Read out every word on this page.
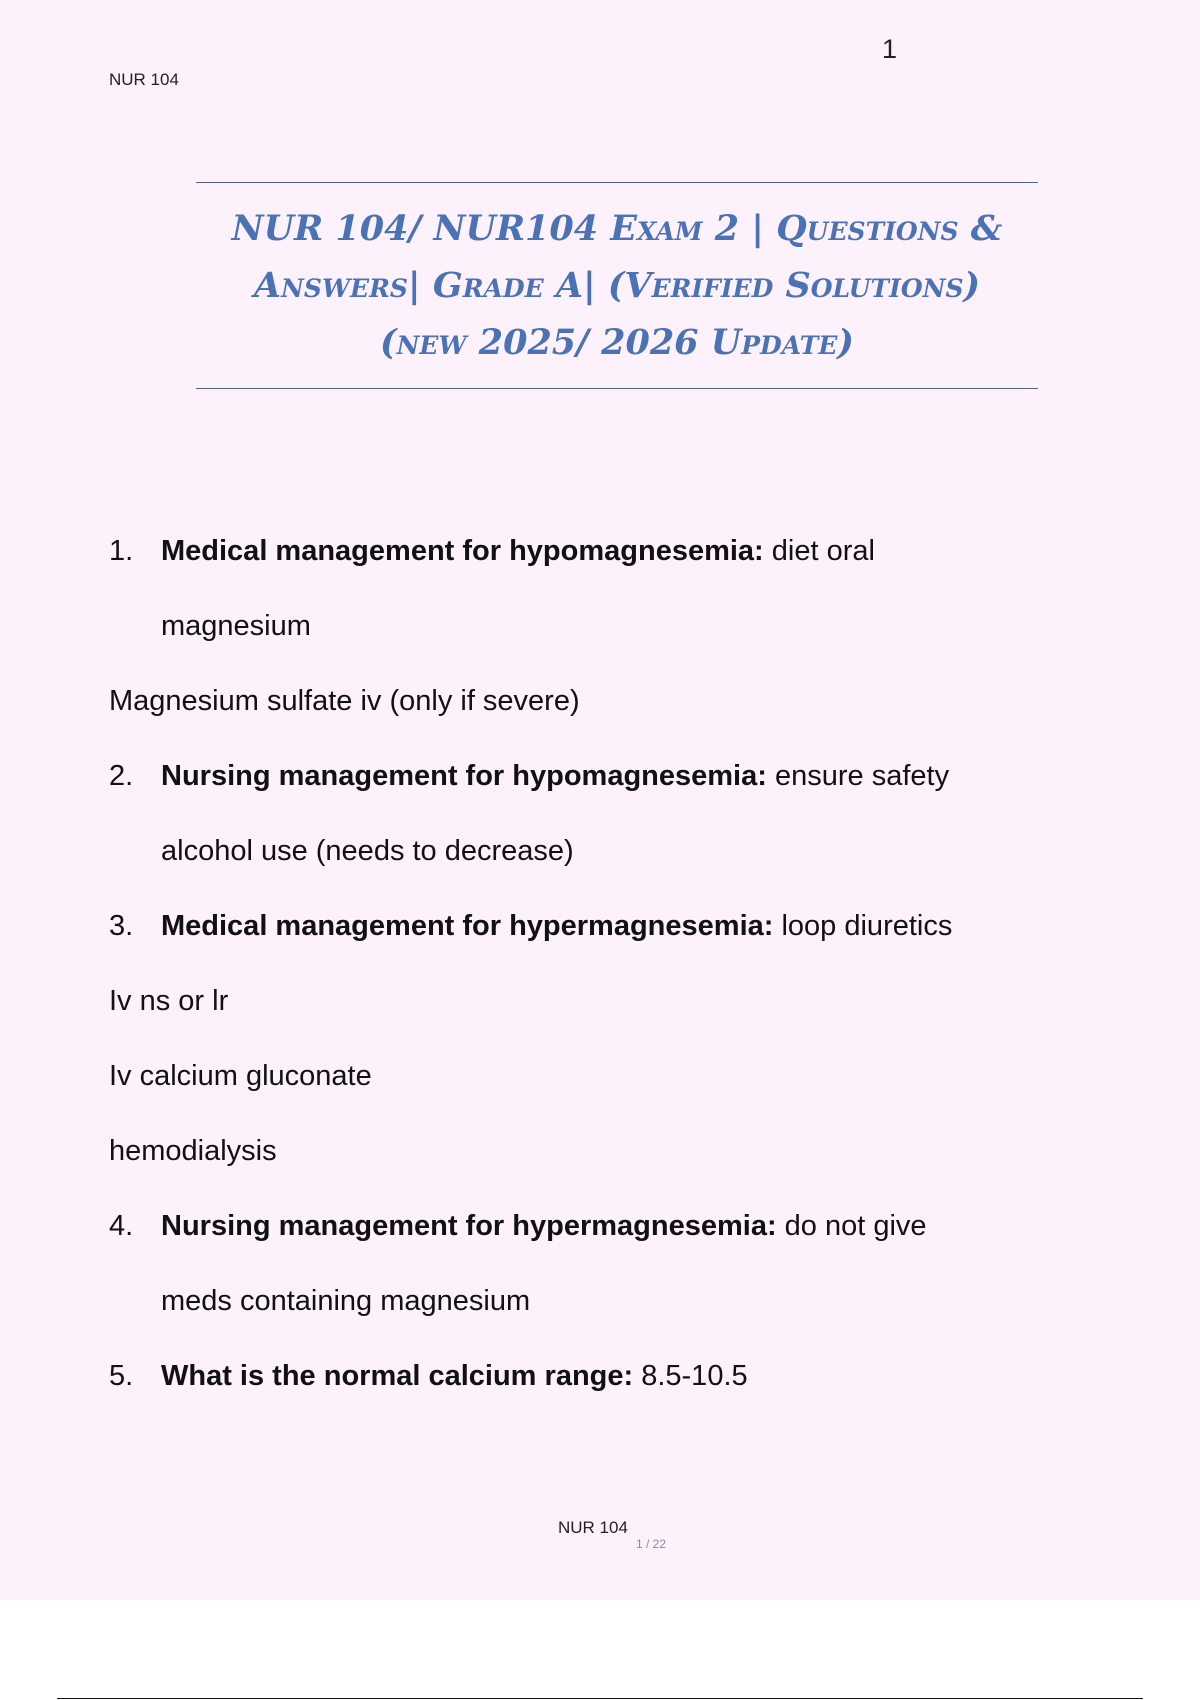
NUR 104
1
NUR 104/ NUR104 Exam 2 | Questions &
Answers| Grade A| (Verified Solutions)
(new 2025/ 2026 Update)
1. Medical management for hypomagnesemia: diet oral
magnesium
Magnesium sulfate iv (only if severe)
2. Nursing management for hypomagnesemia: ensure safety
alcohol use (needs to decrease)
3. Medical management for hypermagnesemia: loop diuretics
Iv ns or lr
Iv calcium gluconate
hemodialysis
4. Nursing management for hypermagnesemia: do not give
meds containing magnesium
5. What is the normal calcium range: 8.5-10.5
NUR 104
1 / 22
